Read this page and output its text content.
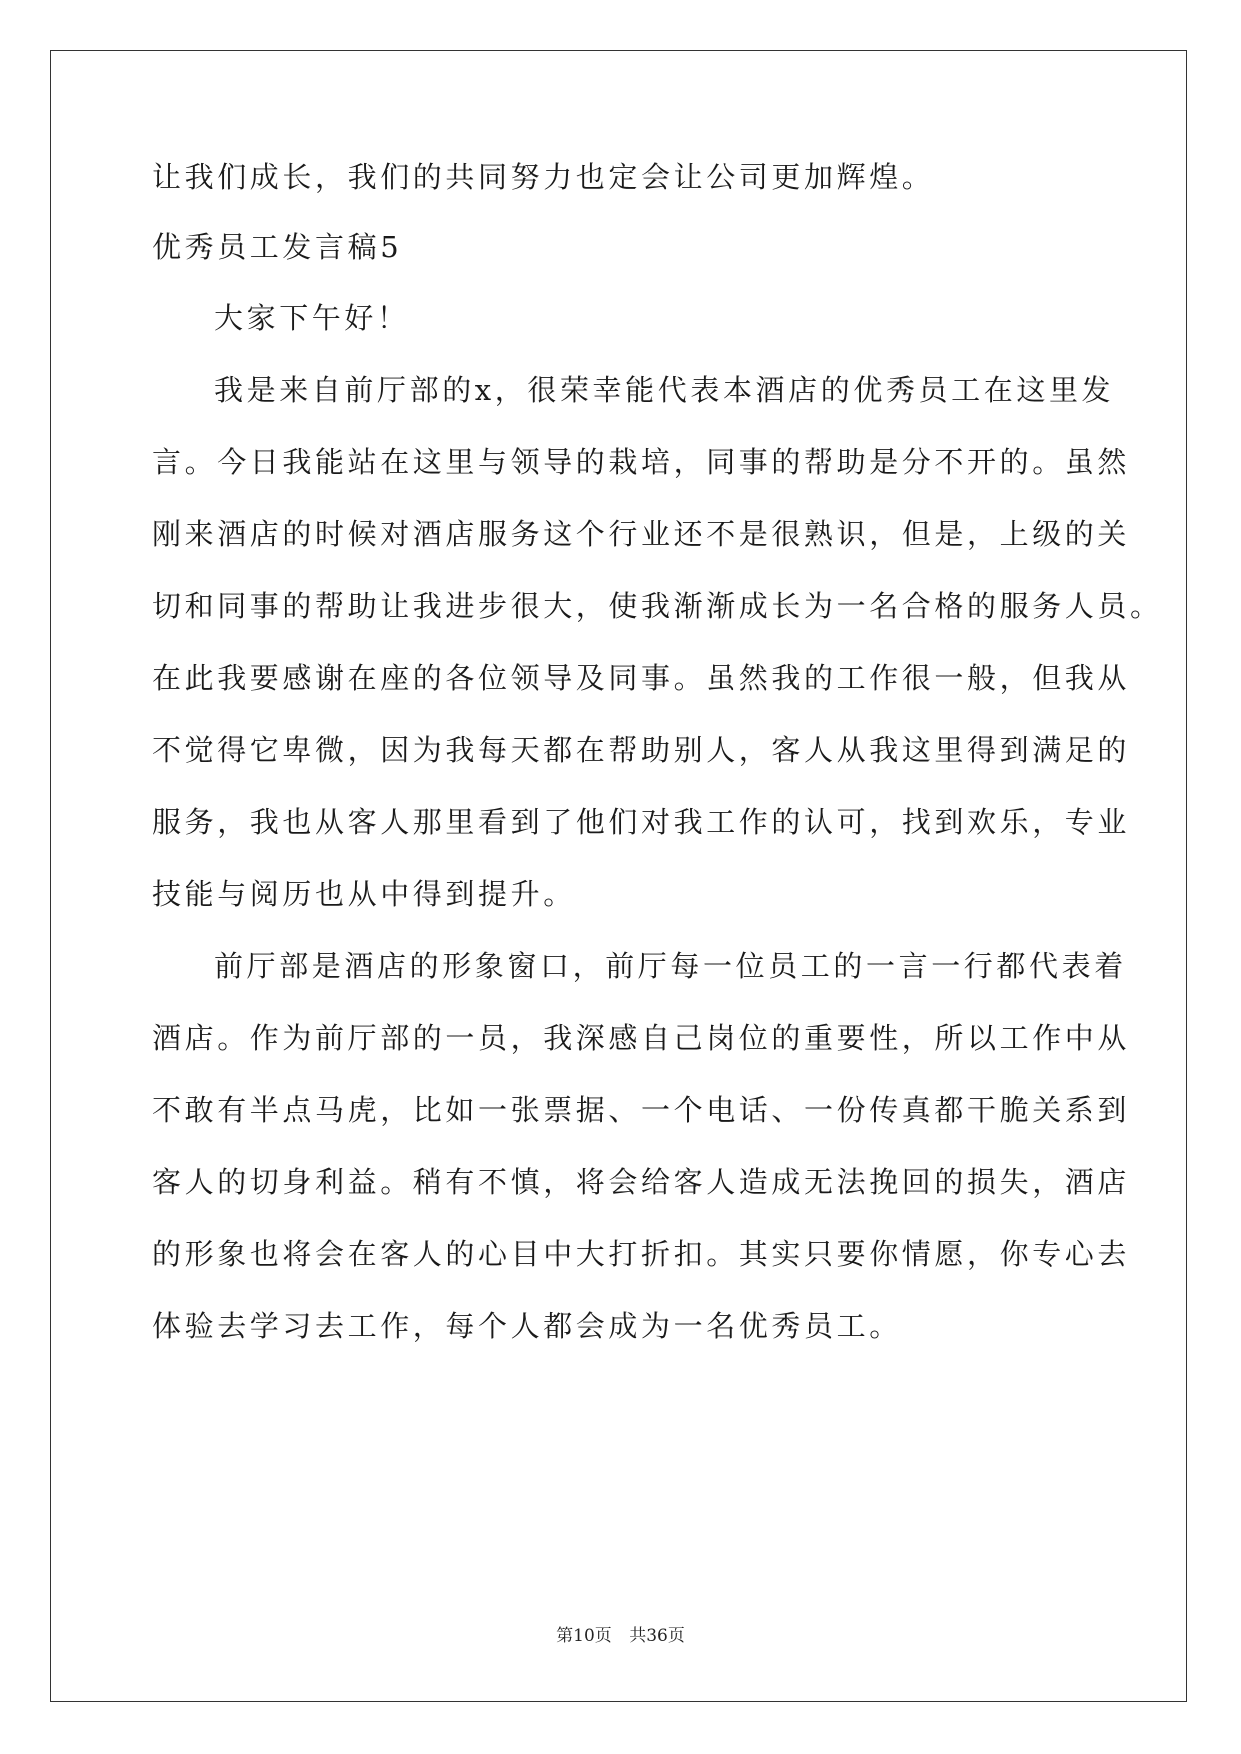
让我们成长，我们的共同努力也定会让公司更加辉煌。
优秀员工发言稿5
大家下午好！
我是来自前厅部的x，很荣幸能代表本酒店的优秀员工在这里发
言。今日我能站在这里与领导的栽培，同事的帮助是分不开的。虽然
刚来酒店的时候对酒店服务这个行业还不是很熟识，但是，上级的关
切和同事的帮助让我进步很大，使我渐渐成长为一名合格的服务人员。
在此我要感谢在座的各位领导及同事。虽然我的工作很一般，但我从
不觉得它卑微，因为我每天都在帮助别人，客人从我这里得到满足的
服务，我也从客人那里看到了他们对我工作的认可，找到欢乐，专业
技能与阅历也从中得到提升。
前厅部是酒店的形象窗口，前厅每一位员工的一言一行都代表着
酒店。作为前厅部的一员，我深感自己岗位的重要性，所以工作中从
不敢有半点马虎，比如一张票据、一个电话、一份传真都干脆关系到
客人的切身利益。稍有不慎，将会给客人造成无法挽回的损失，酒店
的形象也将会在客人的心目中大打折扣。其实只要你情愿，你专心去
体验去学习去工作，每个人都会成为一名优秀员工。
第10页 共36页
